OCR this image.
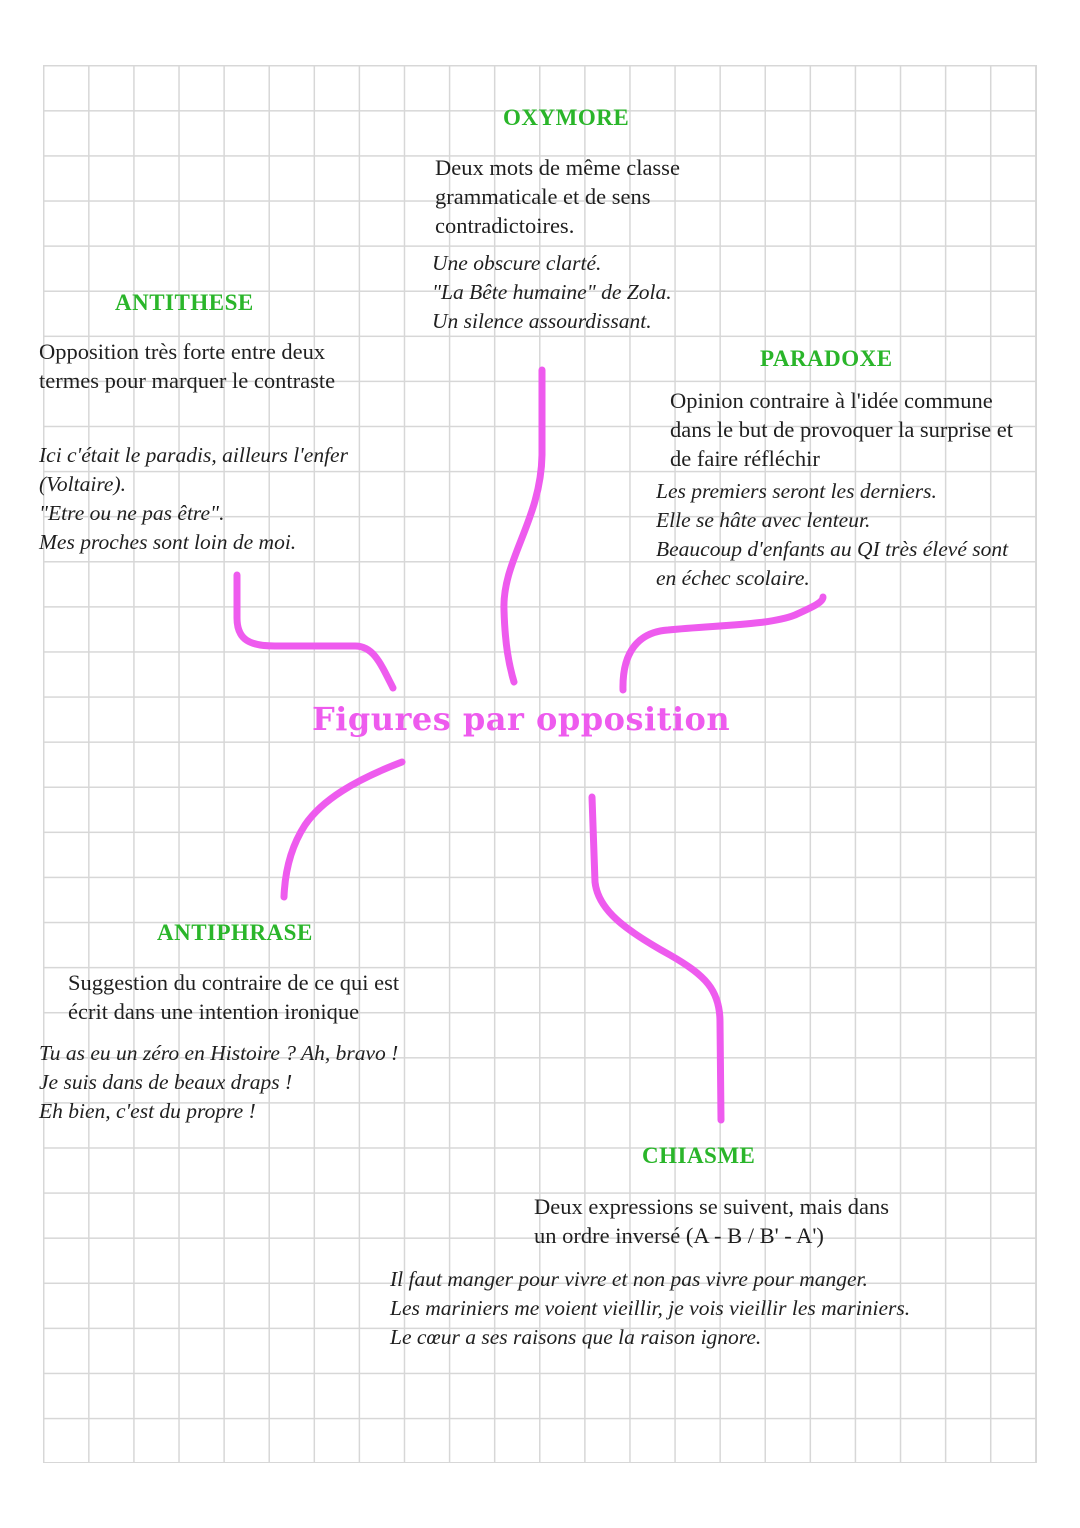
OXYMORE

Deux mots de même classe
grammaticale et de sens
contradictoires.

Une obscure clarté.
"La Bête humaine" de Zola.
Un silence assourdissant.

ANTITHESE

Opposition très forte entre deux
termes pour marquer le contraste

Ici c'était le paradis, ailleurs l'enfer
(Voltaire).
"Etre ou ne pas être".
Mes proches sont loin de moi.

PARADOXE

Opinion contraire à l'idée commune
dans le but de provoquer la surprise et
de faire réfléchir

Les premiers seront les derniers.
Elle se hâte avec lenteur.
Beaucoup d'enfants au QI très élevé sont
en échec scolaire.

Figures par opposition
ANTIPHRASE

Suggestion du contraire de ce qui est
écrit dans une intention ironique

Tu as eu un zéro en Histoire ? Ah, bravo !
Je suis dans de beaux draps !
Eh bien, c'est du propre !

CHIASME

Deux expressions se suivent, mais dans
un ordre inversé (A - B / B' - A')

Il faut manger pour vivre et non pas vivre pour manger.
Les mariniers me voient vieillir, je vois vieillir les mariniers.
Le cœur a ses raisons que la raison ignore.
